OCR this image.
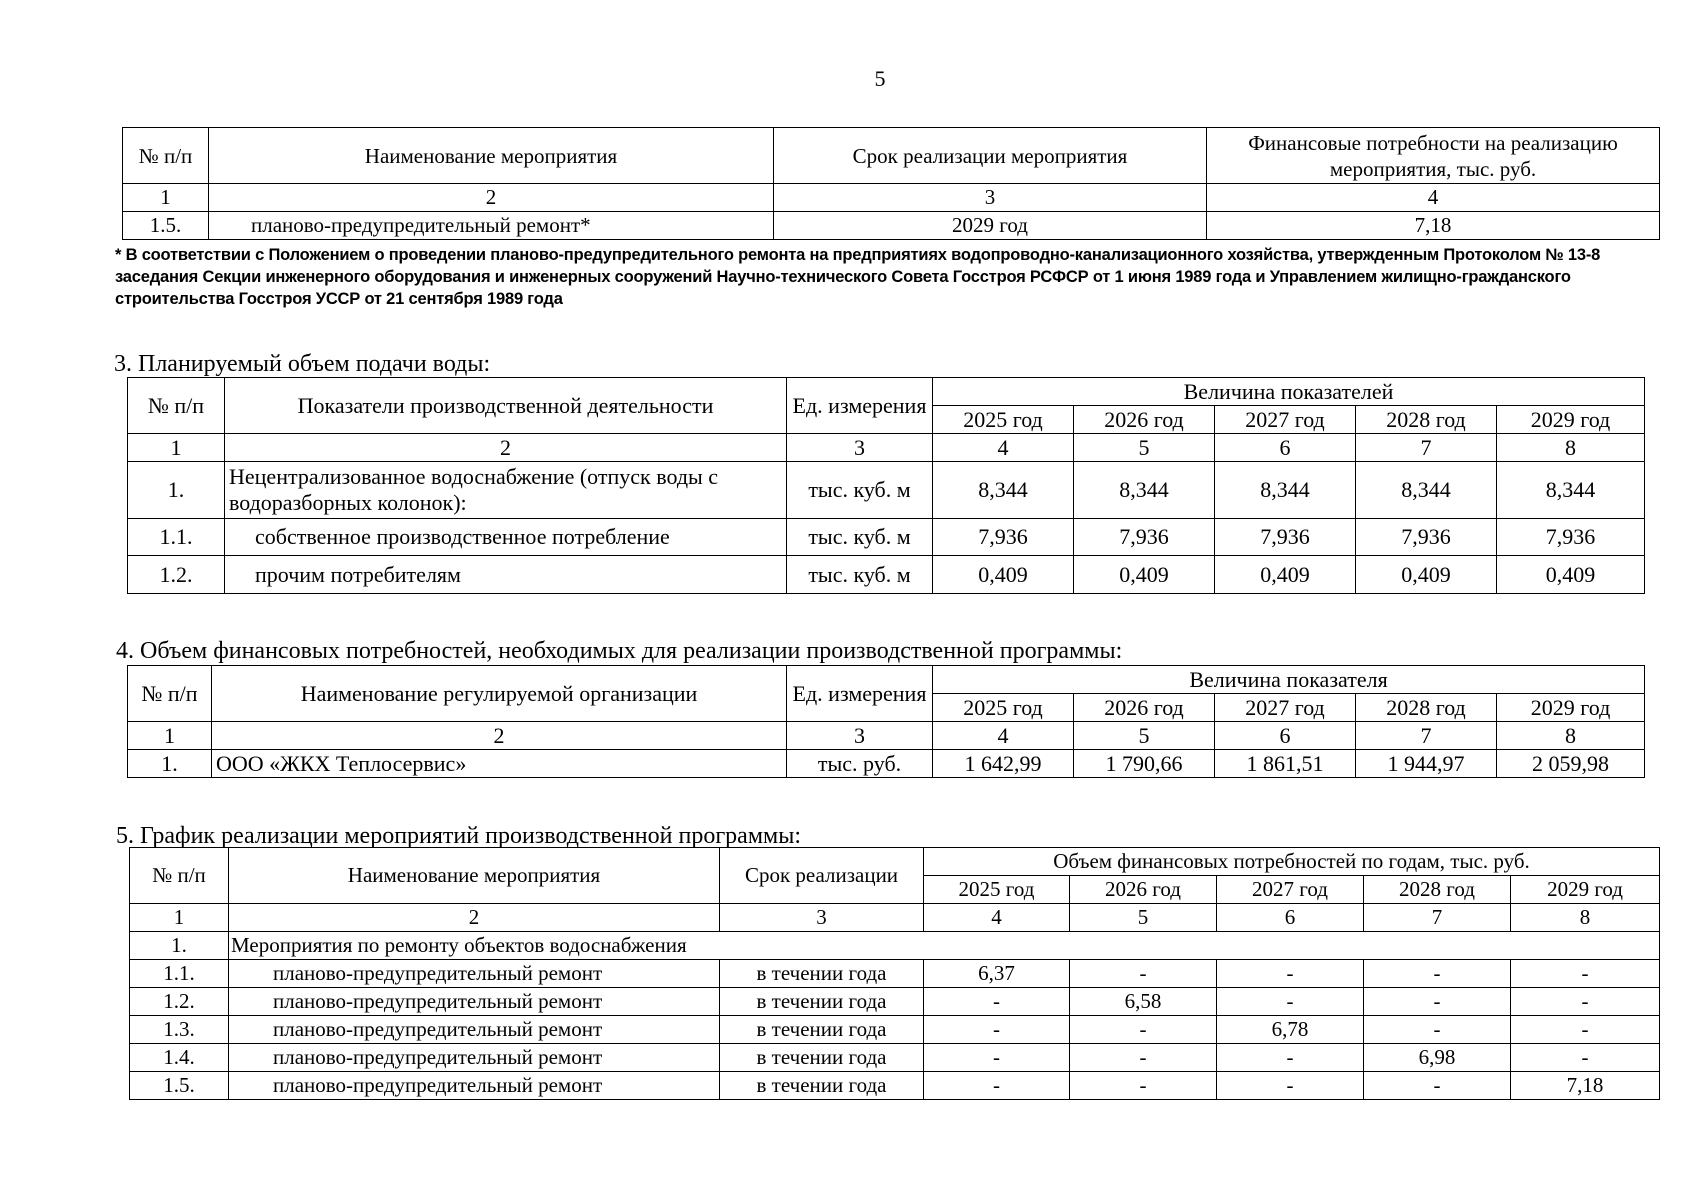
5
№ п/п	Наименование мероприятия	Срок реализации мероприятия	Финансовые потребности на реализацию мероприятия, тыс. руб.
1	2	3	4
1.5.	планово-предупредительный ремонт*	2029 год	7,18
* В соответствии с Положением о проведении планово-предупредительного ремонта на предприятиях водопроводно-канализационного хозяйства, утвержденным Протоколом № 13-8 заседания Секции инженерного оборудования и инженерных сооружений Научно-технического Совета Госстроя РСФСР от 1 июня 1989 года и Управлением жилищно-гражданского строительства Госстроя УССР от 21 сентября 1989 года
3. Планируемый объем подачи воды:
№ п/п	Показатели производственной деятельности	Ед. измерения	Величина показателей				
			2025 год	2026 год	2027 год	2028 год	2029 год
1	2	3	4	5	6	7	8
1.	Нецентрализованное водоснабжение (отпуск воды с водоразборных колонок):	тыс. куб. м	8,344	8,344	8,344	8,344	8,344
1.1.	собственное производственное потребление	тыс. куб. м	7,936	7,936	7,936	7,936	7,936
1.2.	прочим потребителям	тыс. куб. м	0,409	0,409	0,409	0,409	0,409
4. Объем финансовых потребностей, необходимых для реализации производственной программы:
№ п/п	Наименование регулируемой организации	Ед. измерения	Величина показателя				
			2025 год	2026 год	2027 год	2028 год	2029 год
1	2	3	4	5	6	7	8
1.	ООО «ЖКХ Теплосервис»	тыс. руб.	1 642,99	1 790,66	1 861,51	1 944,97	2 059,98
5. График реализации мероприятий производственной программы:
№ п/п	Наименование мероприятия	Срок реализации	Объем финансовых потребностей по годам, тыс. руб.				
			2025 год	2026 год	2027 год	2028 год	2029 год
1	2	3	4	5	6	7	8
1.	Мероприятия по ремонту объектов водоснабжения						
1.1.	планово-предупредительный ремонт	в течении года	6,37	-	-	-	-
1.2.	планово-предупредительный ремонт	в течении года	-	6,58	-	-	-
1.3.	планово-предупредительный ремонт	в течении года	-	-	6,78	-	-
1.4.	планово-предупредительный ремонт	в течении года	-	-	-	6,98	-
1.5.	планово-предупредительный ремонт	в течении года	-	-	-	-	7,18
